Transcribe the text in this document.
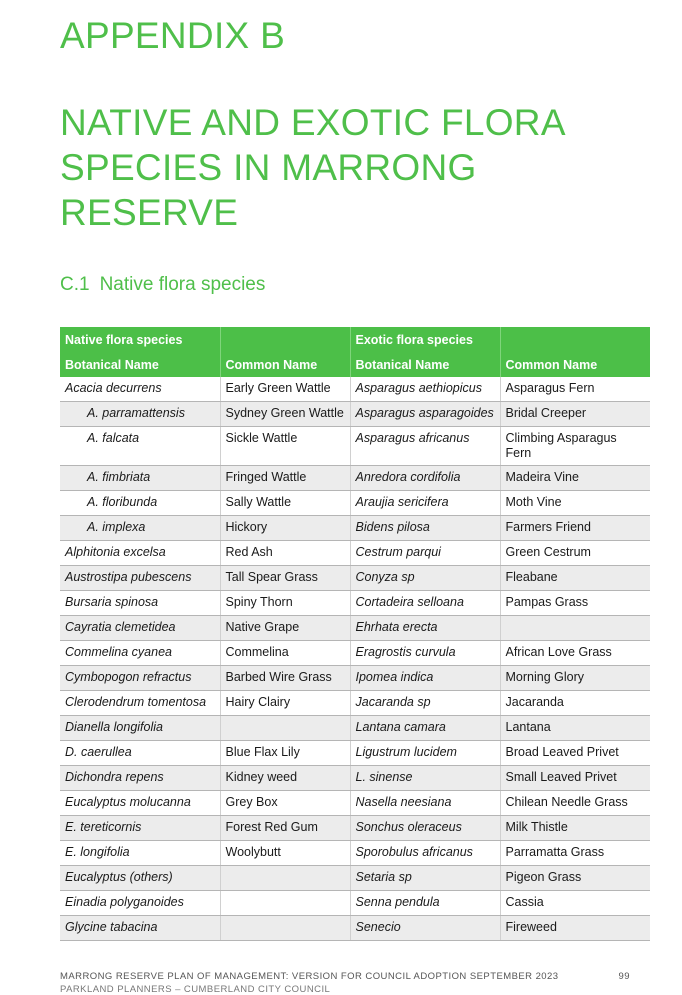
APPENDIX B
NATIVE AND EXOTIC FLORA
SPECIES IN MARRONG
RESERVE
C.1 Native flora species
Native flora species		Exotic flora species	
Botanical Name	Common Name	Botanical Name	Common Name
Acacia decurrens	Early Green Wattle	Asparagus aethiopicus	Asparagus Fern
A. parramattensis	Sydney Green Wattle	Asparagus asparagoides	Bridal Creeper
A. falcata	Sickle Wattle	Asparagus africanus	Climbing Asparagus Fern
A. fimbriata	Fringed Wattle	Anredora cordifolia	Madeira Vine
A. floribunda	Sally Wattle	Araujia sericifera	Moth Vine
A. implexa	Hickory	Bidens pilosa	Farmers Friend
Alphitonia excelsa	Red Ash	Cestrum parqui	Green Cestrum
Austrostipa pubescens	Tall Spear Grass	Conyza sp	Fleabane
Bursaria spinosa	Spiny Thorn	Cortadeira selloana	Pampas Grass
Cayratia clemetidea	Native Grape	Ehrhata erecta	
Commelina cyanea	Commelina	Eragrostis curvula	African Love Grass
Cymbopogon refractus	Barbed Wire Grass	Ipomea indica	Morning Glory
Clerodendrum tomentosa	Hairy Clairy	Jacaranda sp	Jacaranda
Dianella longifolia		Lantana camara	Lantana
D. caerullea	Blue Flax Lily	Ligustrum lucidem	Broad Leaved Privet
Dichondra repens	Kidney weed	L. sinense	Small Leaved Privet
Eucalyptus molucanna	Grey Box	Nasella neesiana	Chilean Needle Grass
E. tereticornis	Forest Red Gum	Sonchus oleraceus	Milk Thistle
E. longifolia	Woolybutt	Sporobulus africanus	Parramatta Grass
Eucalyptus (others)		Setaria sp	Pigeon Grass
Einadia polyganoides		Senna pendula	Cassia
Glycine tabacina		Senecio	Fireweed
MARRONG RESERVE PLAN OF MANAGEMENT: VERSION FOR COUNCIL ADOPTION SEPTEMBER 2023	99
PARKLAND PLANNERS – CUMBERLAND CITY COUNCIL
